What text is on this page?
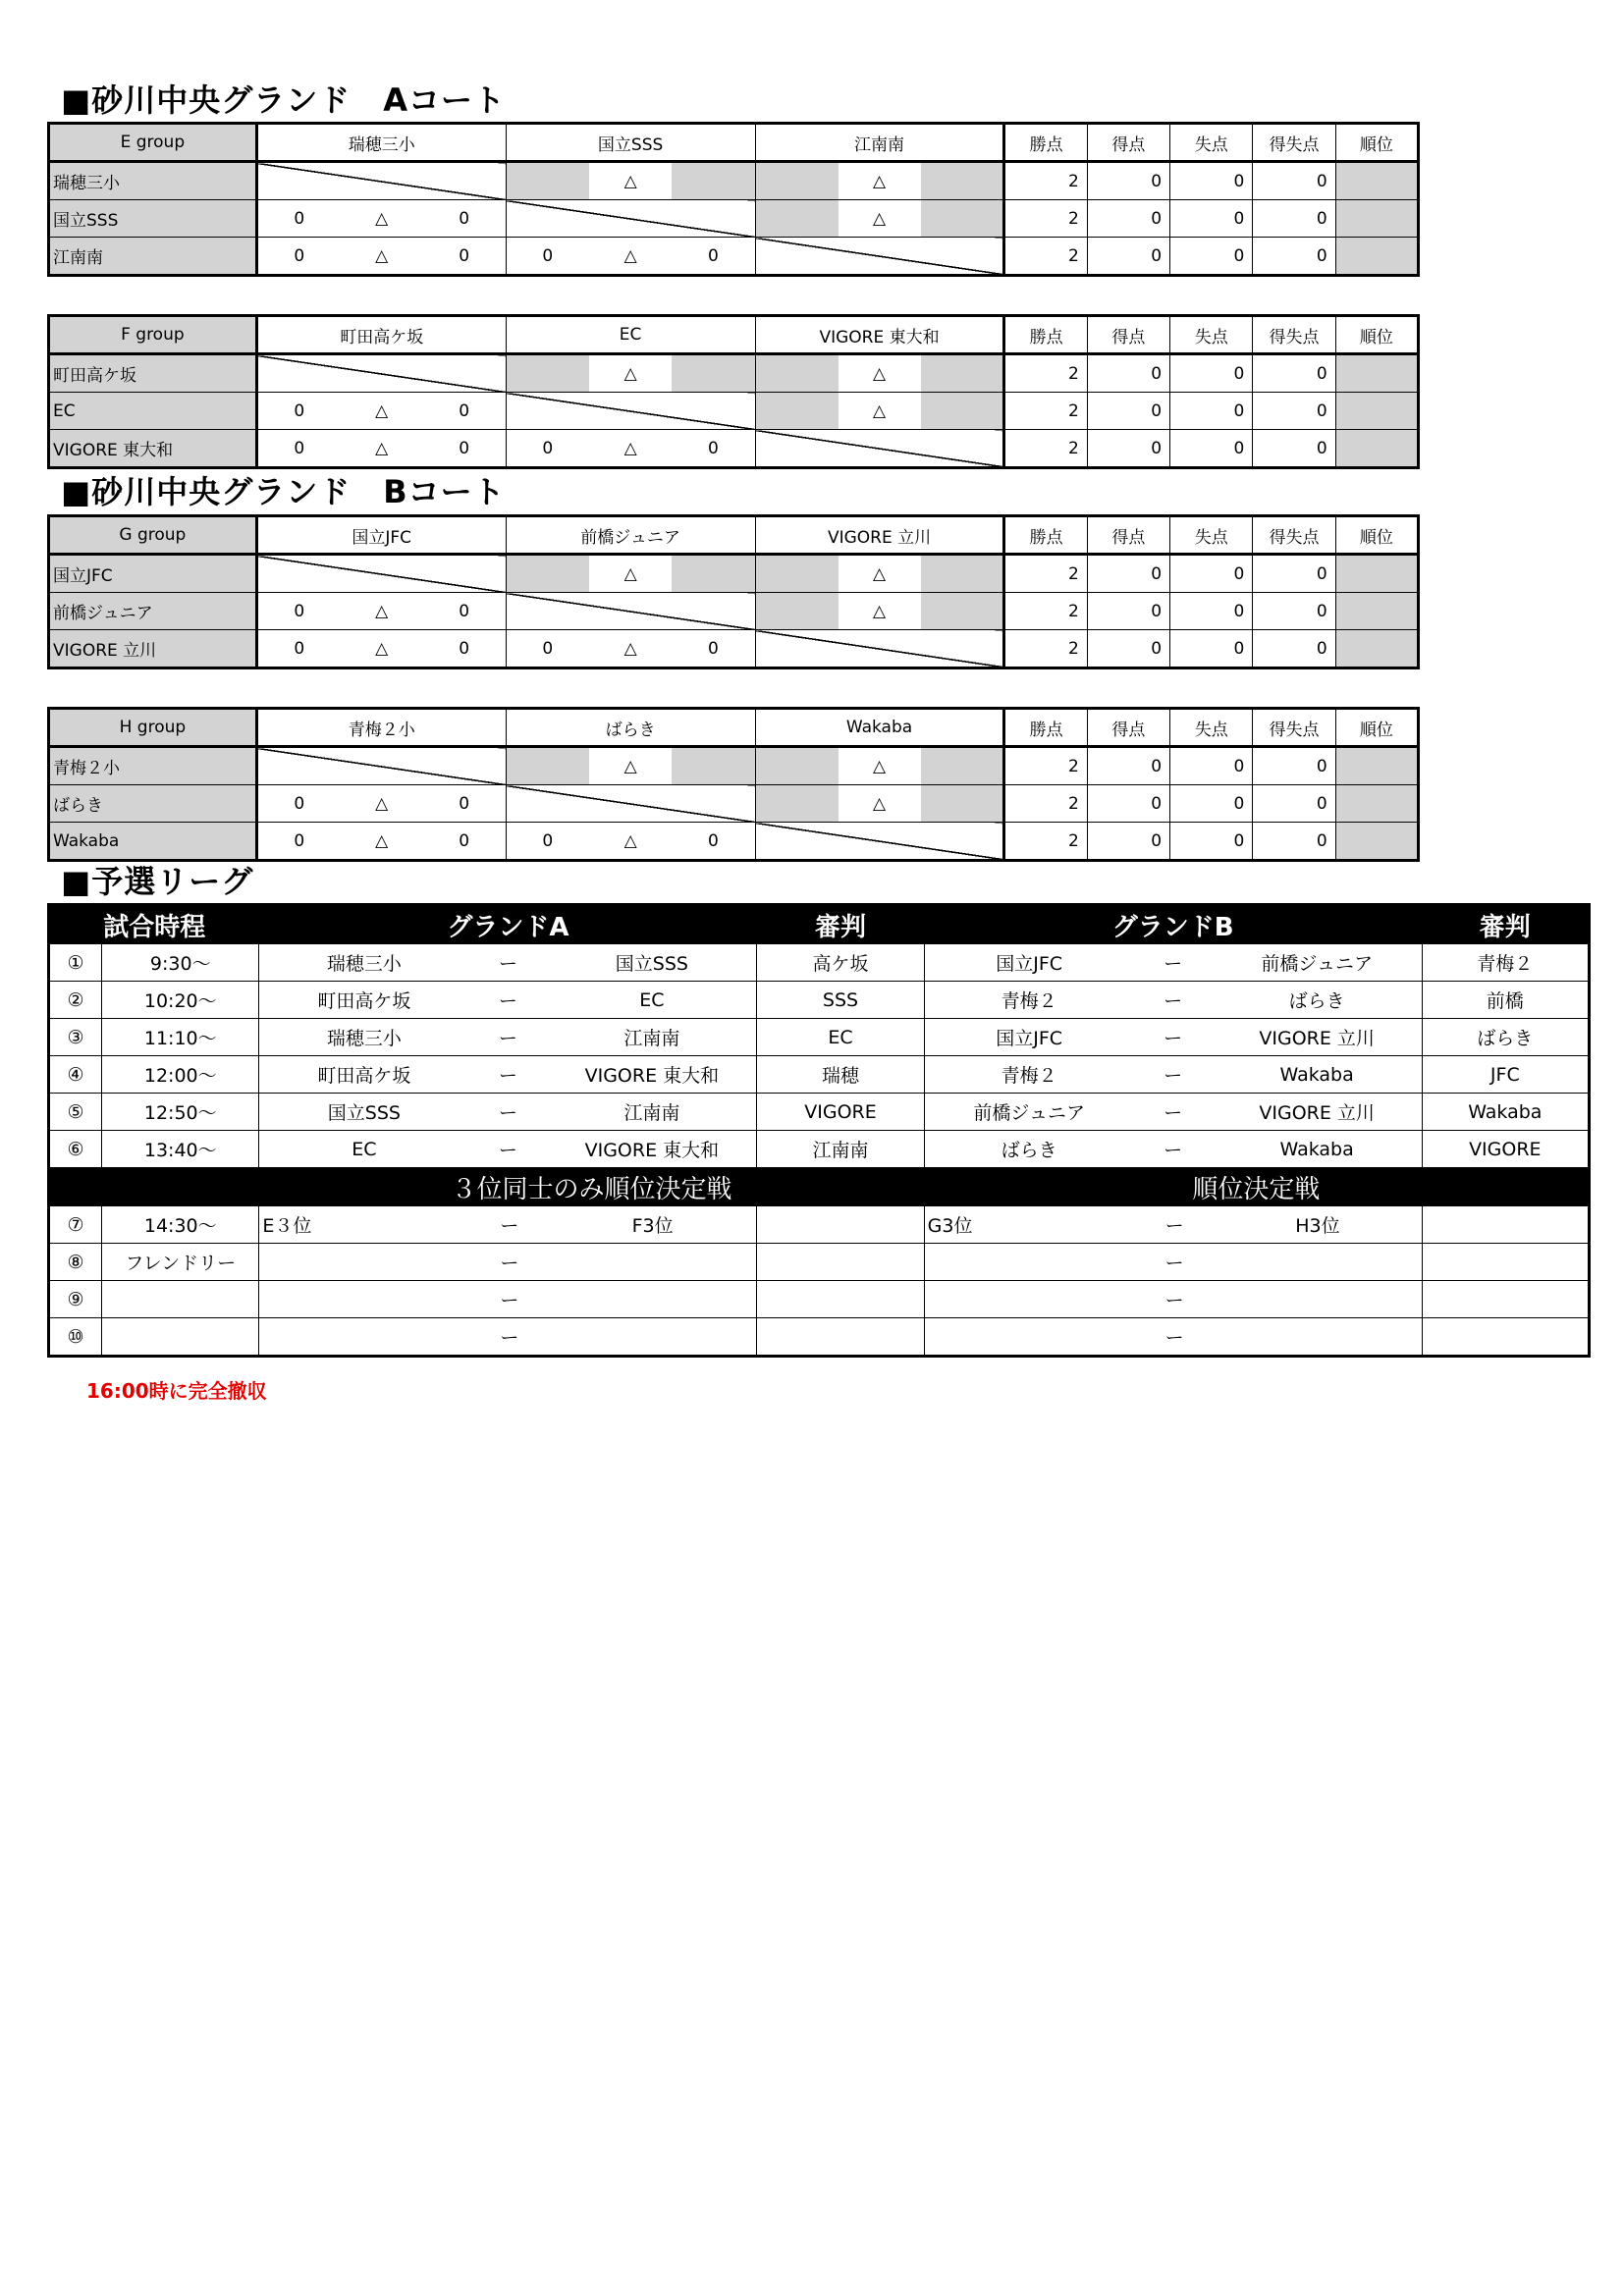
■砂川中央グランド　Aコート
■砂川中央グランド　Bコート
■予選リーグ
E group	瑞穂三小	国立SSS	江南南	勝点	得点	失点	得失点	順位
瑞穂三小		△	△	2	0	0	0	
国立SSS	0 △ 0		△	2	0	0	0	
江南南	0 △ 0	0 △ 0		2	0	0	0	
F group	町田高ケ坂	EC	VIGORE 東大和	勝点	得点	失点	得失点	順位
町田高ケ坂		△	△	2	0	0	0	
EC	0 △ 0		△	2	0	0	0	
VIGORE 東大和	0 △ 0	0 △ 0		2	0	0	0	
G group	国立JFC	前橋ジュニア	VIGORE 立川	勝点	得点	失点	得失点	順位
国立JFC		△	△	2	0	0	0	
前橋ジュニア	0 △ 0		△	2	0	0	0	
VIGORE 立川	0 △ 0	0 △ 0		2	0	0	0	
H group	青梅２小	ばらき	Wakaba	勝点	得点	失点	得失点	順位
青梅２小		△	△	2	0	0	0	
ばらき	0 △ 0		△	2	0	0	0	
Wakaba	0 △ 0	0 △ 0		2	0	0	0	
試合時程		グランドA	審判	グランドB	審判
①	9:30～	瑞穂三小 ー 国立SSS	高ケ坂	国立JFC ー 前橋ジュニア	青梅２
②	10:20～	町田高ケ坂 ー EC	SSS	青梅２ ー ばらき	前橋
③	11:10～	瑞穂三小 ー 江南南	EC	国立JFC ー VIGORE 立川	ばらき
④	12:00～	町田高ケ坂 ー VIGORE 東大和	瑞穂	青梅２ ー Wakaba	JFC
⑤	12:50～	国立SSS ー 江南南	VIGORE	前橋ジュニア ー VIGORE 立川	Wakaba
⑥	13:40～	EC ー VIGORE 東大和	江南南	ばらき ー Wakaba	VIGORE
		３位同士のみ順位決定戦		順位決定戦	
⑦	14:30～	E３位 ー F3位		G3位 ー H3位	

⑧	フレンドリー	ー		ー	

⑨		ー		ー	

⑩		ー		ー	

16:00時に完全撤収
